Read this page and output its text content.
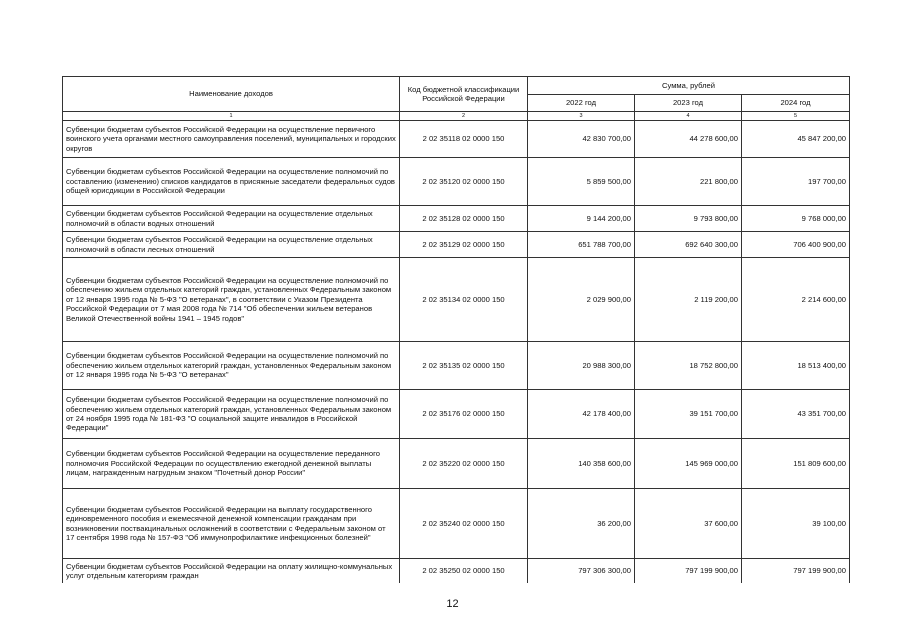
Наименование доходов	Код бюджетной классификации Российской Федерации	Сумма, рублей		
		2022 год	2023 год	2024 год
1	2	3	4	5
Субвенции бюджетам субъектов Российской Федерации на осуществление первичного воинского учета органами местного самоуправления поселений, муниципальных и городских округов	2 02 35118 02 0000 150	42 830 700,00	44 278 600,00	45 847 200,00
Субвенции бюджетам субъектов Российской Федерации на осуществление полномочий по составлению (изменению) списков кандидатов в присяжные заседатели федеральных судов общей юрисдикции в Российской Федерации	2 02 35120 02 0000 150	5 859 500,00	221 800,00	197 700,00
Субвенции бюджетам субъектов Российской Федерации на осуществление отдельных полномочий в области водных отношений	2 02 35128 02 0000 150	9 144 200,00	9 793 800,00	9 768 000,00
Субвенции бюджетам субъектов Российской Федерации на осуществление отдельных полномочий в области лесных отношений	2 02 35129 02 0000 150	651 788 700,00	692 640 300,00	706 400 900,00
Субвенции бюджетам субъектов Российской Федерации на осуществление полномочий по обеспечению жильем отдельных категорий граждан, установленных Федеральным законом от 12 января 1995 года № 5-ФЗ "О ветеранах", в соответствии с Указом Президента Российской Федерации от 7 мая 2008 года № 714 "Об обеспечении жильем ветеранов Великой Отечественной войны 1941 – 1945 годов"	2 02 35134 02 0000 150	2 029 900,00	2 119 200,00	2 214 600,00
Субвенции бюджетам субъектов Российской Федерации на осуществление полномочий по обеспечению жильем отдельных категорий граждан, установленных Федеральным законом от 12 января 1995 года № 5-ФЗ "О ветеранах"	2 02 35135 02 0000 150	20 988 300,00	18 752 800,00	18 513 400,00
Субвенции бюджетам субъектов Российской Федерации на осуществление полномочий по обеспечению жильем отдельных категорий граждан, установленных Федеральным законом от 24 ноября 1995 года № 181-ФЗ "О социальной защите инвалидов в Российской Федерации"	2 02 35176 02 0000 150	42 178 400,00	39 151 700,00	43 351 700,00
Субвенции бюджетам субъектов Российской Федерации на осуществление переданного полномочия Российской Федерации по осуществлению ежегодной денежной выплаты лицам, награжденным нагрудным знаком "Почетный донор России"	2 02 35220 02 0000 150	140 358 600,00	145 969 000,00	151 809 600,00
Субвенции бюджетам субъектов Российской Федерации на выплату государственного единовременного пособия и ежемесячной денежной компенсации гражданам при возникновении поствакцинальных осложнений в соответствии с Федеральным законом от 17 сентября 1998 года № 157-ФЗ "Об иммунопрофилактике инфекционных болезней"	2 02 35240 02 0000 150	36 200,00	37 600,00	39 100,00
Субвенции бюджетам субъектов Российской Федерации на оплату жилищно-коммунальных услуг отдельным категориям граждан	2 02 35250 02 0000 150	797 306 300,00	797 199 900,00	797 199 900,00
12
